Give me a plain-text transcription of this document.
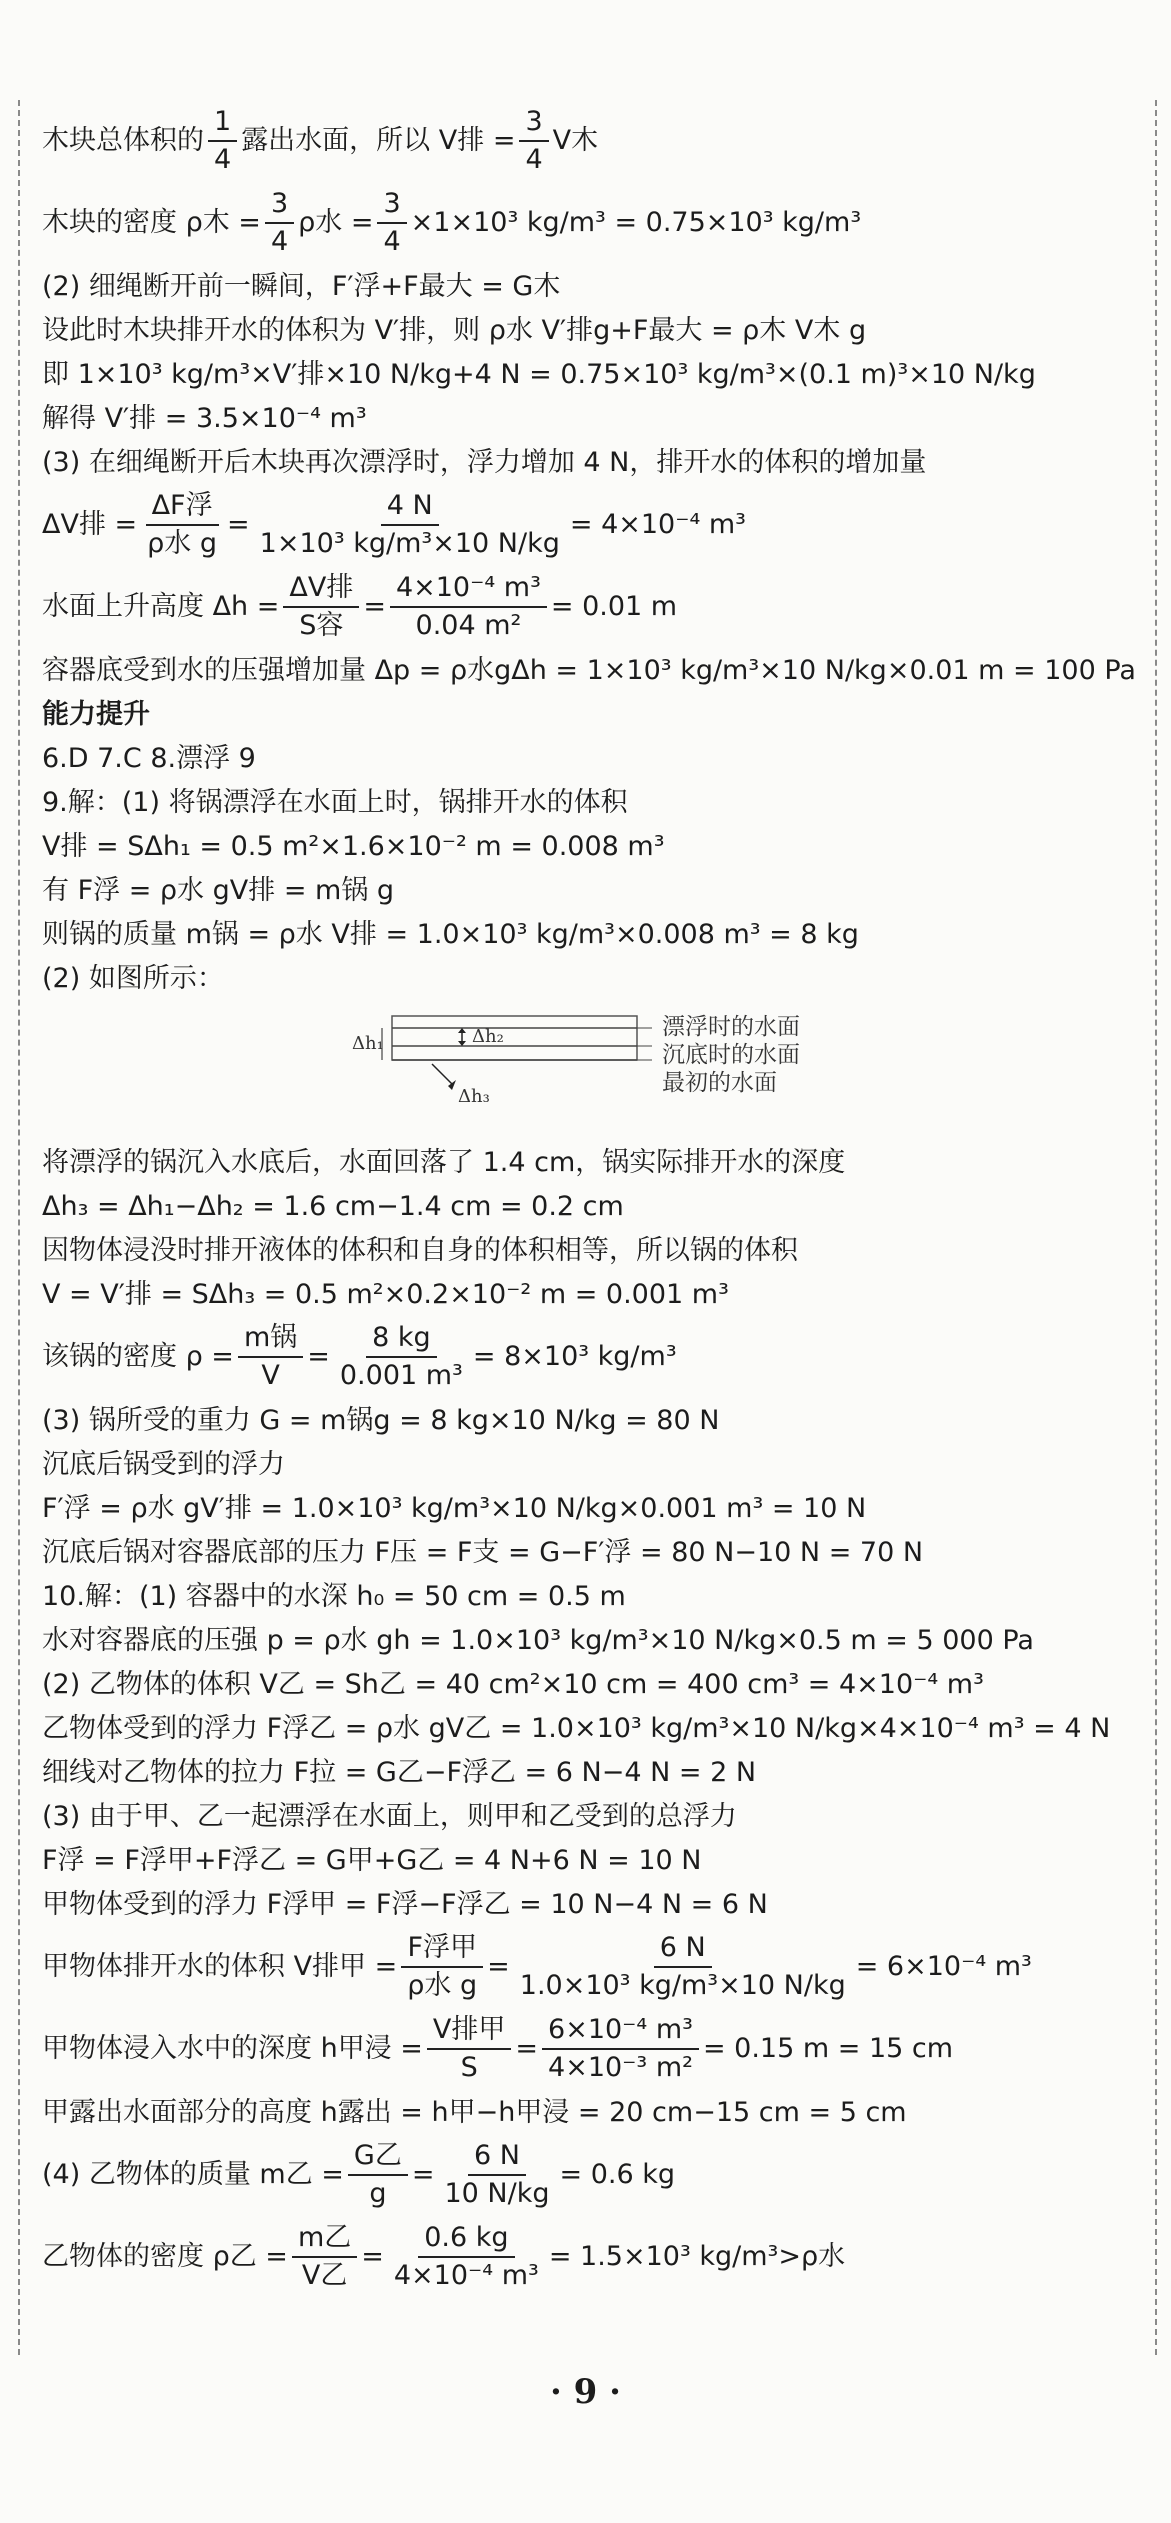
木块总体积的 $\frac{1}{4}$ 露出水面，所以 V排 = $\frac{3}{4}$ V木
木块的密度 ρ木 = $\frac{3}{4}$ ρ水 = $\frac{3}{4} \times 1\times 10^3$ kg/m³ = 0.75×10³ kg/m³
(2) 细绳断开前一瞬间，F′浮+F最大 = G木
设此时木块排开水的体积为 V′排，则 ρ水 V′排g+F最大 = ρ木 V木 g
即 1×10³ kg/m³×V′排×10 N/kg+4 N = 0.75×10³ kg/m³×(0.1 m)³×10 N/kg
解得 V′排 = 3.5×10⁻⁴ m³
(3) 在细绳断开后木块再次漂浮时，浮力增加 4 N，排开水的体积的增加量
ΔV排 =
ΔF浮
ρ水 g
= $\frac{4 N}{\text{1×10³ kg/m³×10 N/kg}} = 4\times 10^{-4}$ m³
水面上升高度 Δh =
ΔV排
S容
= $\frac{\text{4×10⁻⁴ m³}}{\text{0.04 m²}} = 0.01$ m
容器底受到水的压强增加量 Δp = ρ水gΔh = 1×10³ kg/m³×10 N/kg×0.01 m = 100 Pa
能力提升
6.D 7.C 8.漂浮 9
9.解：(1) 将锅漂浮在水面上时，锅排开水的体积
V排 = SΔh₁ = 0.5 m²×1.6×10⁻² m = 0.008 m³
有 F浮 = ρ水 gV排 = m锅 g
则锅的质量 m锅 = ρ水 V排 = 1.0×10³ kg/m³×0.008 m³ = 8 kg
(2) 如图所示：
Δh₁	Δh₂
Δh₃
漂浮时的水面
沉底时的水面
最初的水面
将漂浮的锅沉入水底后，水面回落了 1.4 cm，锅实际排开水的深度
Δh₃ = Δh₁−Δh₂ = 1.6 cm−1.4 cm = 0.2 cm
因物体浸没时排开液体的体积和自身的体积相等，所以锅的体积
V = V′排 = SΔh₃ = 0.5 m²×0.2×10⁻² m = 0.001 m³
该锅的密度 ρ =
m锅
V
= $\frac{8 kg}{\text{0.001 m³}} = 8\times 10^3$ kg/m³
(3) 锅所受的重力 G = m锅g = 8 kg×10 N/kg = 80 N
沉底后锅受到的浮力
F′浮 = ρ水 gV′排 = 1.0×10³ kg/m³×10 N/kg×0.001 m³ = 10 N
沉底后锅对容器底部的压力 F压 = F支 = G−F′浮 = 80 N−10 N = 70 N
10.解：(1) 容器中的水深 h₀ = 50 cm = 0.5 m
水对容器底的压强 p = ρ水 gh = 1.0×10³ kg/m³×10 N/kg×0.5 m = 5 000 Pa
(2) 乙物体的体积 V乙 = Sh乙 = 40 cm²×10 cm = 400 cm³ = 4×10⁻⁴ m³
乙物体受到的浮力 F浮乙 = ρ水 gV乙 = 1.0×10³ kg/m³×10 N/kg×4×10⁻⁴ m³ = 4 N
细线对乙物体的拉力 F拉 = G乙−F浮乙 = 6 N−4 N = 2 N
(3) 由于甲、乙一起漂浮在水面上，则甲和乙受到的总浮力
F浮 = F浮甲+F浮乙 = G甲+G乙 = 4 N+6 N = 10 N
甲物体受到的浮力 F浮甲 = F浮−F浮乙 = 10 N−4 N = 6 N
甲物体排开水的体积 V排甲 =
F浮甲
ρ水 g
= $\frac{6 N}{\text{1.0×10³ kg/m³×10 N/kg}} = 6\times 10^{-4}$ m³
甲物体浸入水中的深度 h甲浸 =
V排甲
S
= $\frac{\text{6×10⁻⁴ m³}}{\text{4×10⁻³ m²}} = 0.15$ m = 15 cm
甲露出水面部分的高度 h露出 = h甲−h甲浸 = 20 cm−15 cm = 5 cm
(4) 乙物体的质量 m乙 =
G乙
g
= $\frac{6 N}{10 N/kg} = 0.6$ kg
乙物体的密度 ρ乙 =
m乙
V乙
= $\frac{0.6 kg}{\text{4×10⁻⁴ m³}} = 1.5\times 10^3$ kg/m³>ρ水
· 9 ·
